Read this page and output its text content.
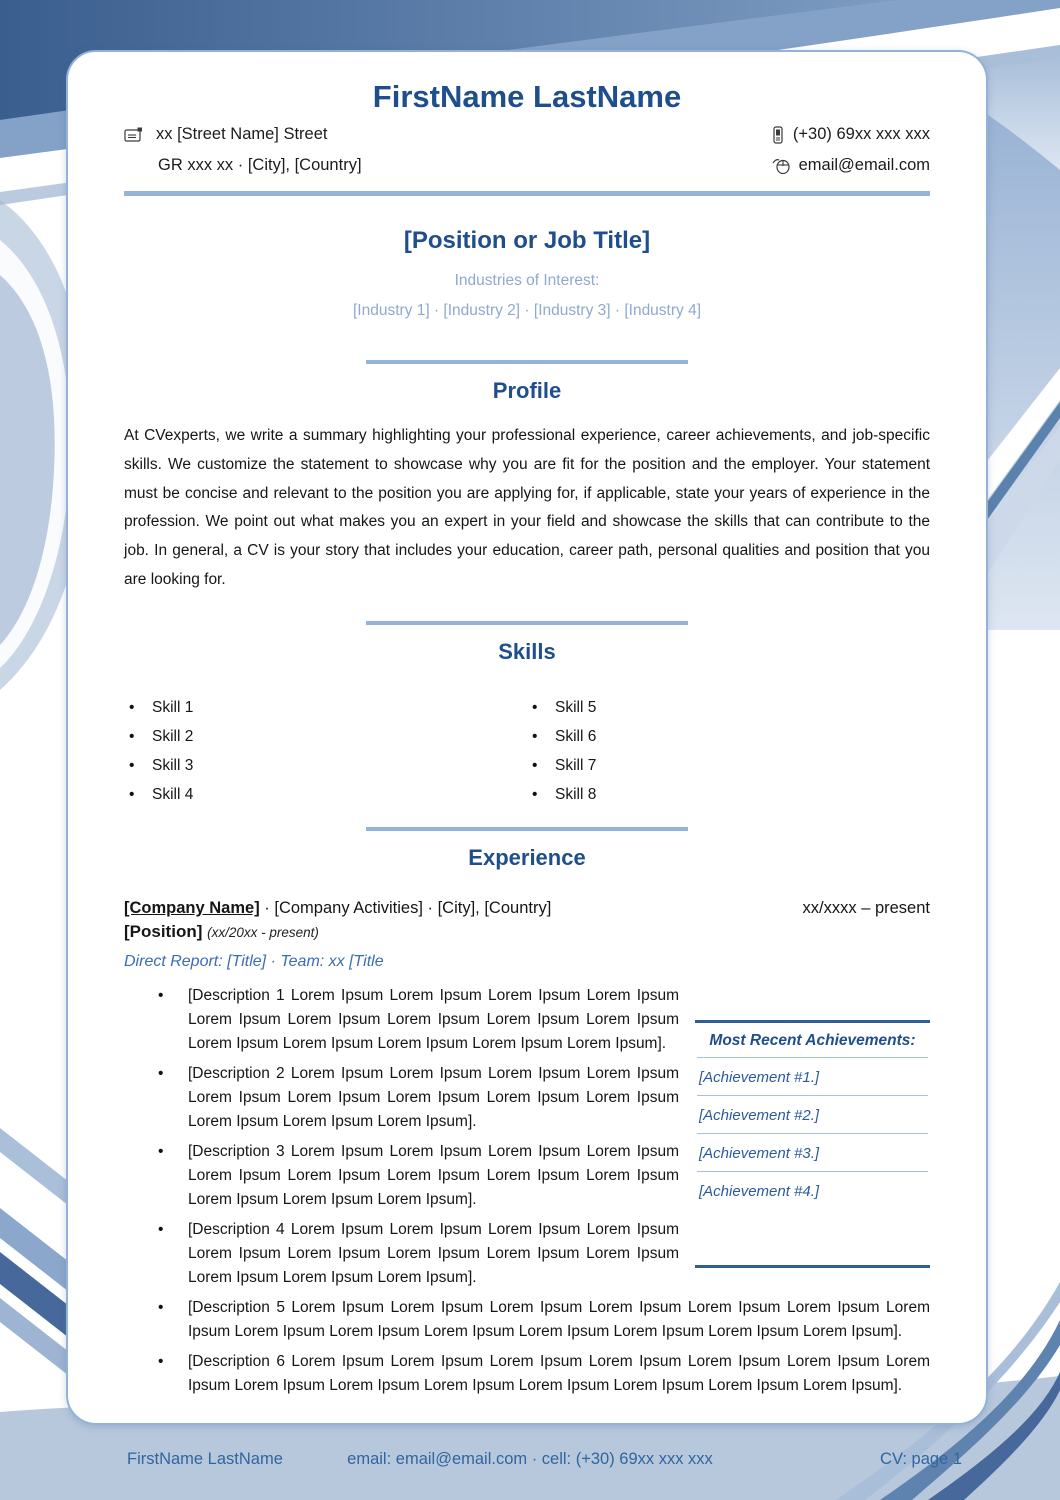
FirstName LastName
xx [Street Name] Street
GR xxx xx · [City], [Country]
(+30) 69xx xxx xxx
email@email.com
[Position or Job Title]
Industries of Interest:
[Industry 1] · [Industry 2] · [Industry 3] · [Industry 4]
Profile
At CVexperts, we write a summary highlighting your professional experience, career achievements, and job-specific skills. We customize the statement to showcase why you are fit for the position and the employer. Your statement must be concise and relevant to the position you are applying for, if applicable, state your years of experience in the profession. We point out what makes you an expert in your field and showcase the skills that can contribute to the job. In general, a CV is your story that includes your education, career path, personal qualities and position that you are looking for.
Skills
• Skill 1
• Skill 2
• Skill 3
• Skill 4
• Skill 5
• Skill 6
• Skill 7
• Skill 8
Experience
[Company Name] · [Company Activities] · [City], [Country]	xx/xxxx – present
[Position] (xx/20xx - present)
Direct Report: [Title] · Team: xx [Title
Most Recent Achievements:
[Achievement #1.]
[Achievement #2.]
[Achievement #3.]
[Achievement #4.]
• [Description 1 Lorem Ipsum Lorem Ipsum Lorem Ipsum Lorem Ipsum Lorem Ipsum Lorem Ipsum Lorem Ipsum Lorem Ipsum Lorem Ipsum Lorem Ipsum Lorem Ipsum Lorem Ipsum Lorem Ipsum Lorem Ipsum].
• [Description 2 Lorem Ipsum Lorem Ipsum Lorem Ipsum Lorem Ipsum Lorem Ipsum Lorem Ipsum Lorem Ipsum Lorem Ipsum Lorem Ipsum Lorem Ipsum Lorem Ipsum Lorem Ipsum].
• [Description 3 Lorem Ipsum Lorem Ipsum Lorem Ipsum Lorem Ipsum Lorem Ipsum Lorem Ipsum Lorem Ipsum Lorem Ipsum Lorem Ipsum Lorem Ipsum Lorem Ipsum Lorem Ipsum].
• [Description 4 Lorem Ipsum Lorem Ipsum Lorem Ipsum Lorem Ipsum Lorem Ipsum Lorem Ipsum Lorem Ipsum Lorem Ipsum Lorem Ipsum Lorem Ipsum Lorem Ipsum Lorem Ipsum].
• [Description 5 Lorem Ipsum Lorem Ipsum Lorem Ipsum Lorem Ipsum Lorem Ipsum Lorem Ipsum Lorem Ipsum Lorem Ipsum Lorem Ipsum Lorem Ipsum Lorem Ipsum Lorem Ipsum Lorem Ipsum Lorem Ipsum].
• [Description 6 Lorem Ipsum Lorem Ipsum Lorem Ipsum Lorem Ipsum Lorem Ipsum Lorem Ipsum Lorem Ipsum Lorem Ipsum Lorem Ipsum Lorem Ipsum Lorem Ipsum Lorem Ipsum Lorem Ipsum Lorem Ipsum].
FirstName LastName	email: email@email.com · cell: (+30) 69xx xxx xxx	CV: page 1
